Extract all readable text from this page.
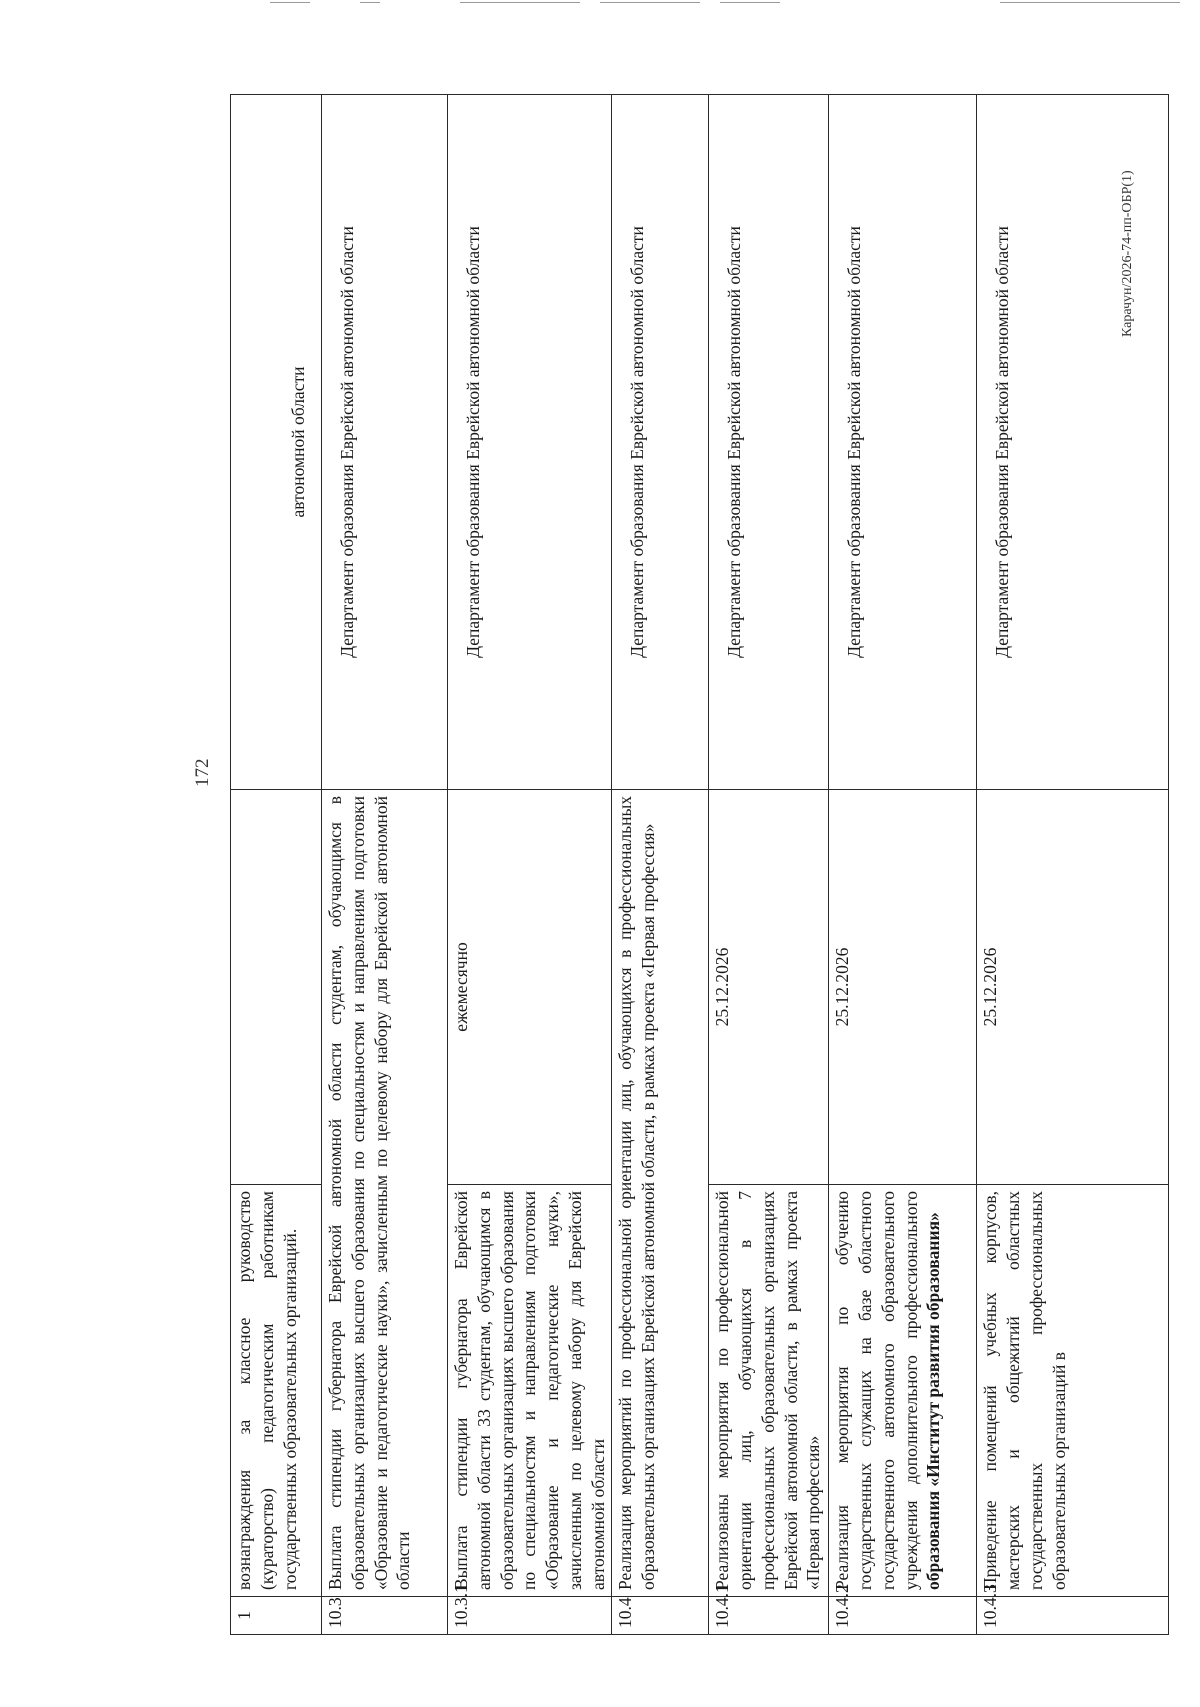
172
1	вознаграждения за классное руководство (кураторство) педагогическим работникам государственных образовательных организаций.		автономной области
10.3	Выплата стипендии губернатора Еврейской автономной области студентам, обучающимся в образовательных организациях высшего образования по специальностям и направлениям подготовки «Образование и педагогические науки», зачисленным по целевому набору для Еврейской автономной области		Департамент образования Еврейской автономной области
10.3.1	Выплата стипендии губернатора Еврейской автономной области 33 студентам, обучающимся в образовательных организациях высшего образования по специальностям и направлениям подготовки «Образование и педагогические науки», зачисленным по целевому набору для Еврейской автономной области	ежемесячно	Департамент образования Еврейской автономной области
10.4	Реализация мероприятий по профессиональной ориентации лиц, обучающихся в профессиональных образовательных организациях Еврейской автономной области, в рамках проекта «Первая профессия»		Департамент образования Еврейской автономной области
10.4.1	Реализованы мероприятия по профессиональной ориентации лиц, обучающихся в 7 профессиональных образовательных организациях Еврейской автономной области, в рамках проекта «Первая профессия»	25.12.2026	Департамент образования Еврейской автономной области
10.4.2	Реализация мероприятия по обучению государственных служащих на базе областного государственного автономного образовательного учреждения дополнительного профессионального образования «Институт развития образования»	25.12.2026	Департамент образования Еврейской автономной области
10.4.3	Приведение помещений учебных корпусов, мастерских и общежитий областных государственных профессиональных образовательных организаций в	25.12.2026	Департамент образования Еврейской автономной области	Карачун/2026-74-пп-ОБР(1)
